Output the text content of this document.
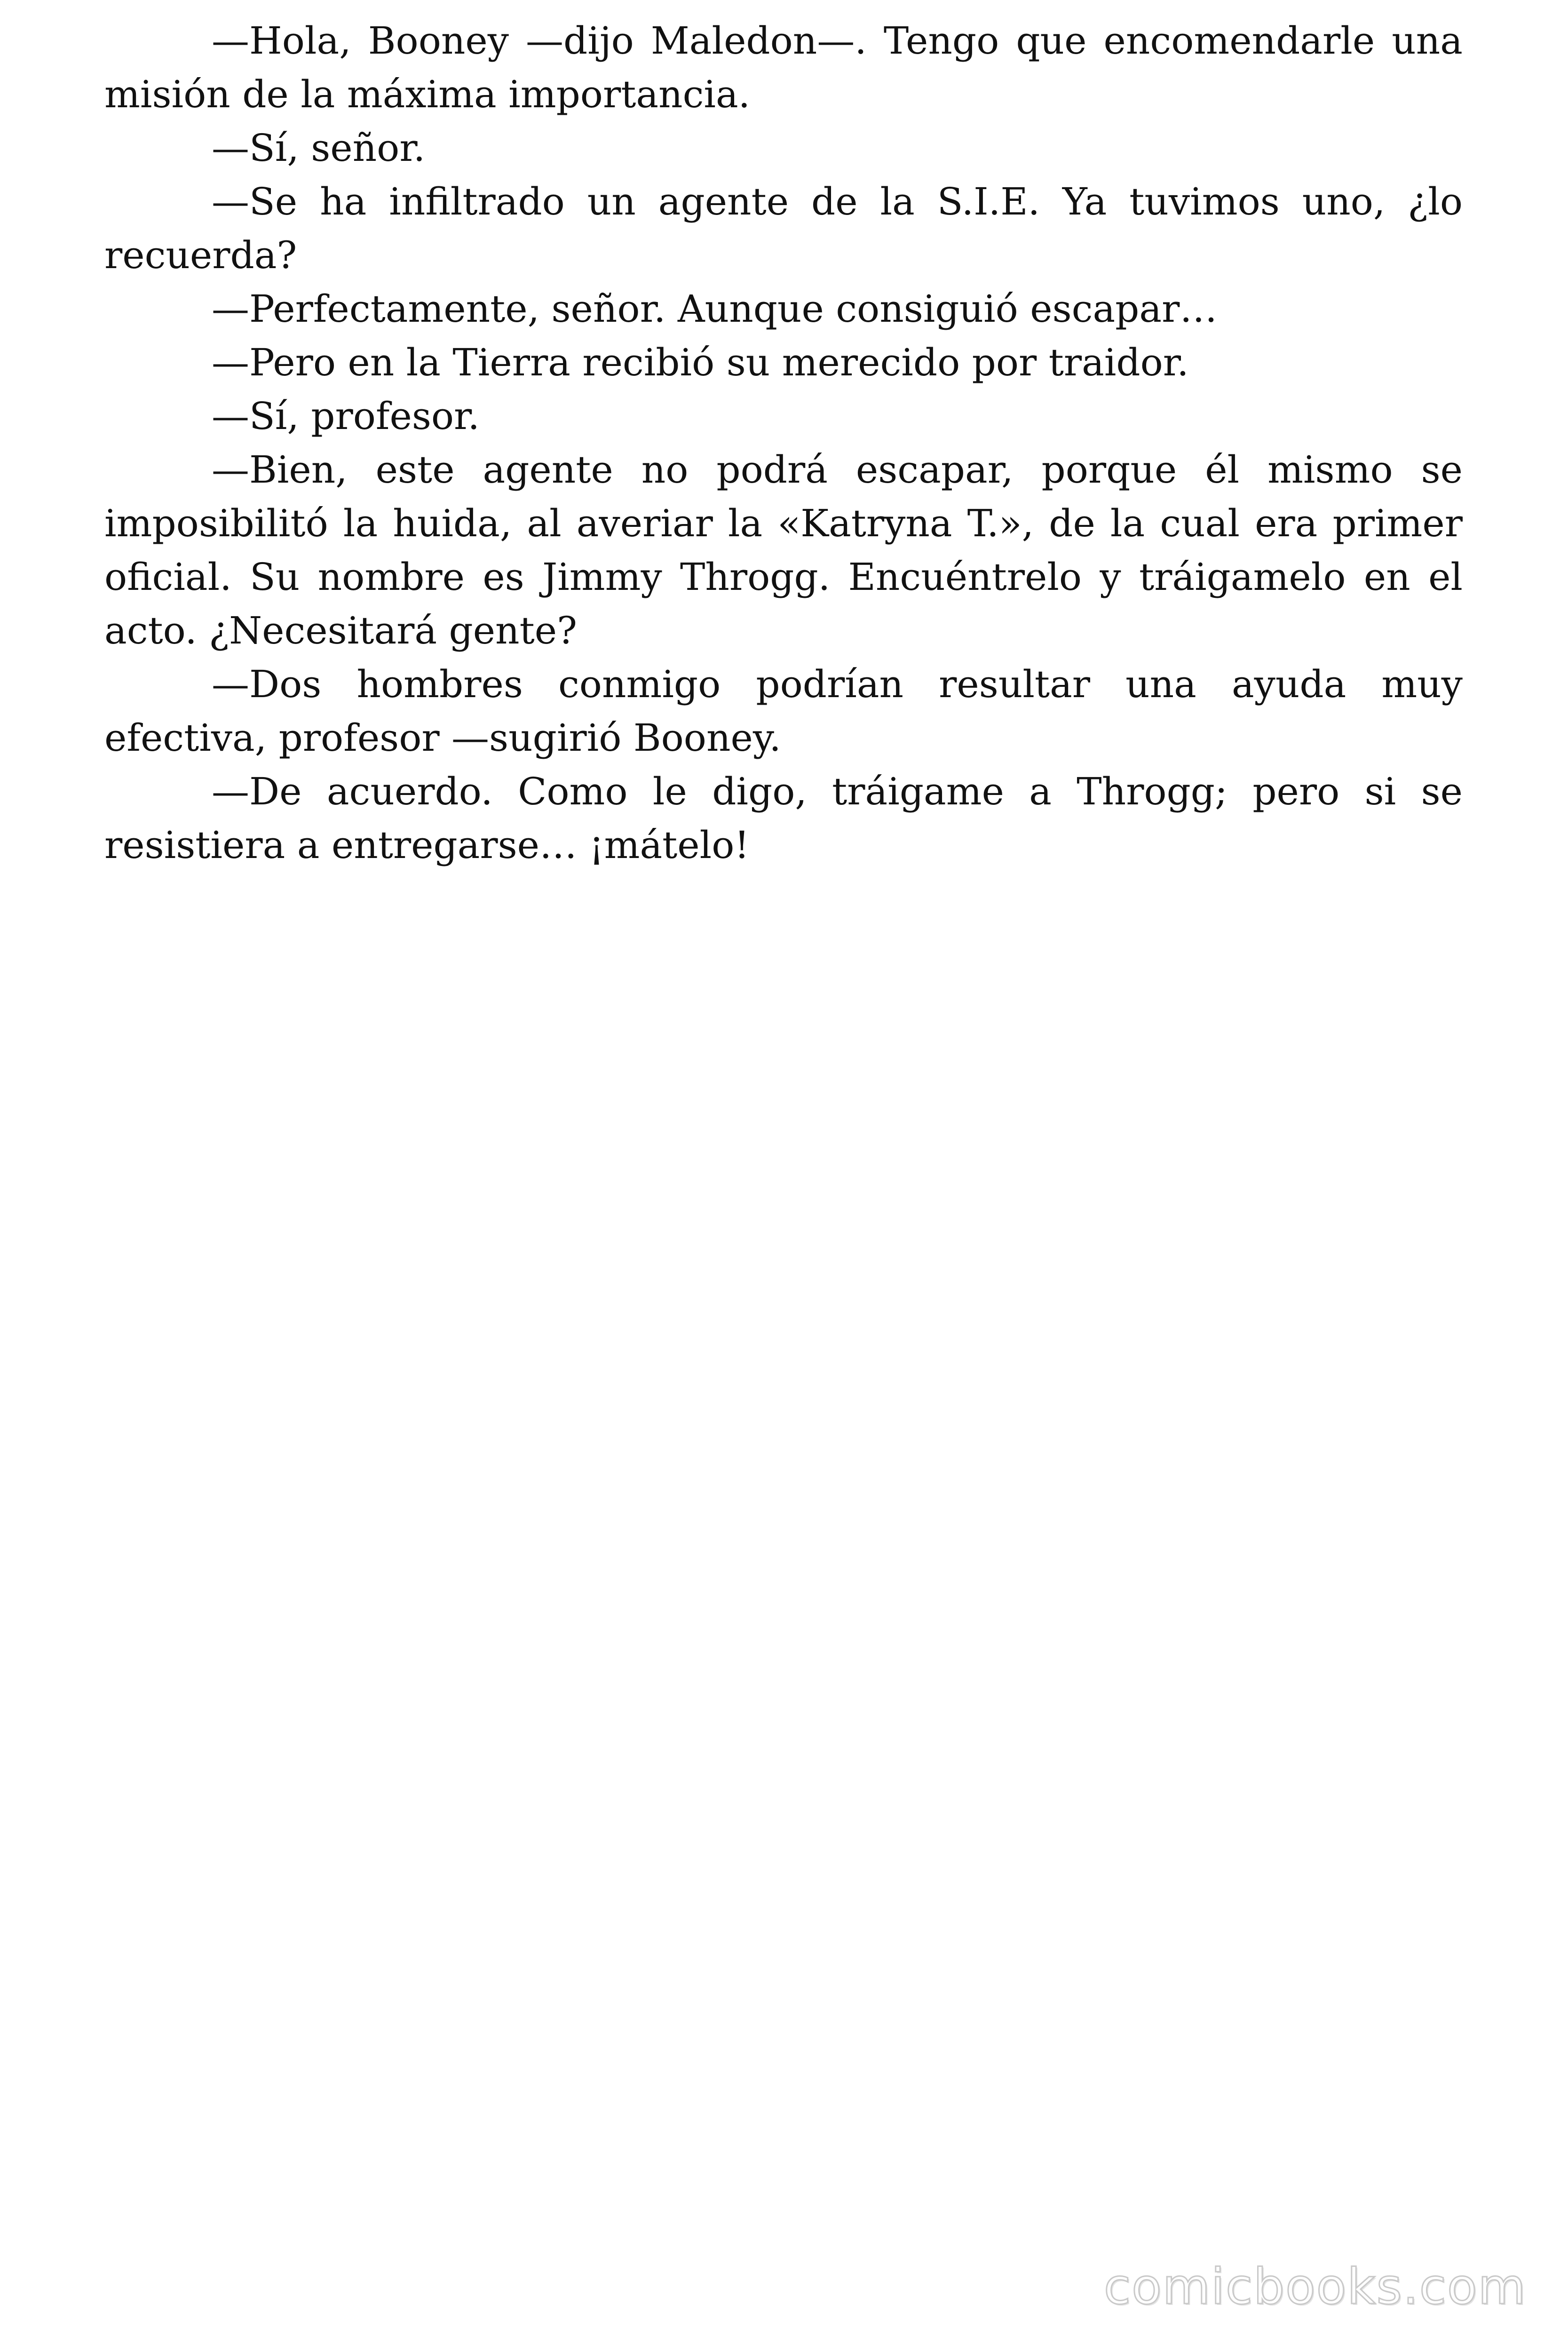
—Hola, Booney —dijo Maledon—. Tengo que encomendarle una misión de la máxima importancia.

—Sí, señor.

—Se ha infiltrado un agente de la S.I.E. Ya tuvimos uno, ¿lo recuerda?

—Perfectamente, señor. Aunque consiguió escapar…

—Pero en la Tierra recibió su merecido por traidor.

—Sí, profesor.

—Bien, este agente no podrá escapar, porque él mismo se imposibilitó la huida, al averiar la «Katryna T.», de la cual era primer oficial. Su nombre es Jimmy Throgg. Encuéntrelo y tráigamelo en el acto. ¿Necesitará gente?

—Dos hombres conmigo podrían resultar una ayuda muy efectiva, profesor —sugirió Booney.

—De acuerdo. Como le digo, tráigame a Throgg; pero si se resistiera a entregarse… ¡mátelo!

comicbooks.com
